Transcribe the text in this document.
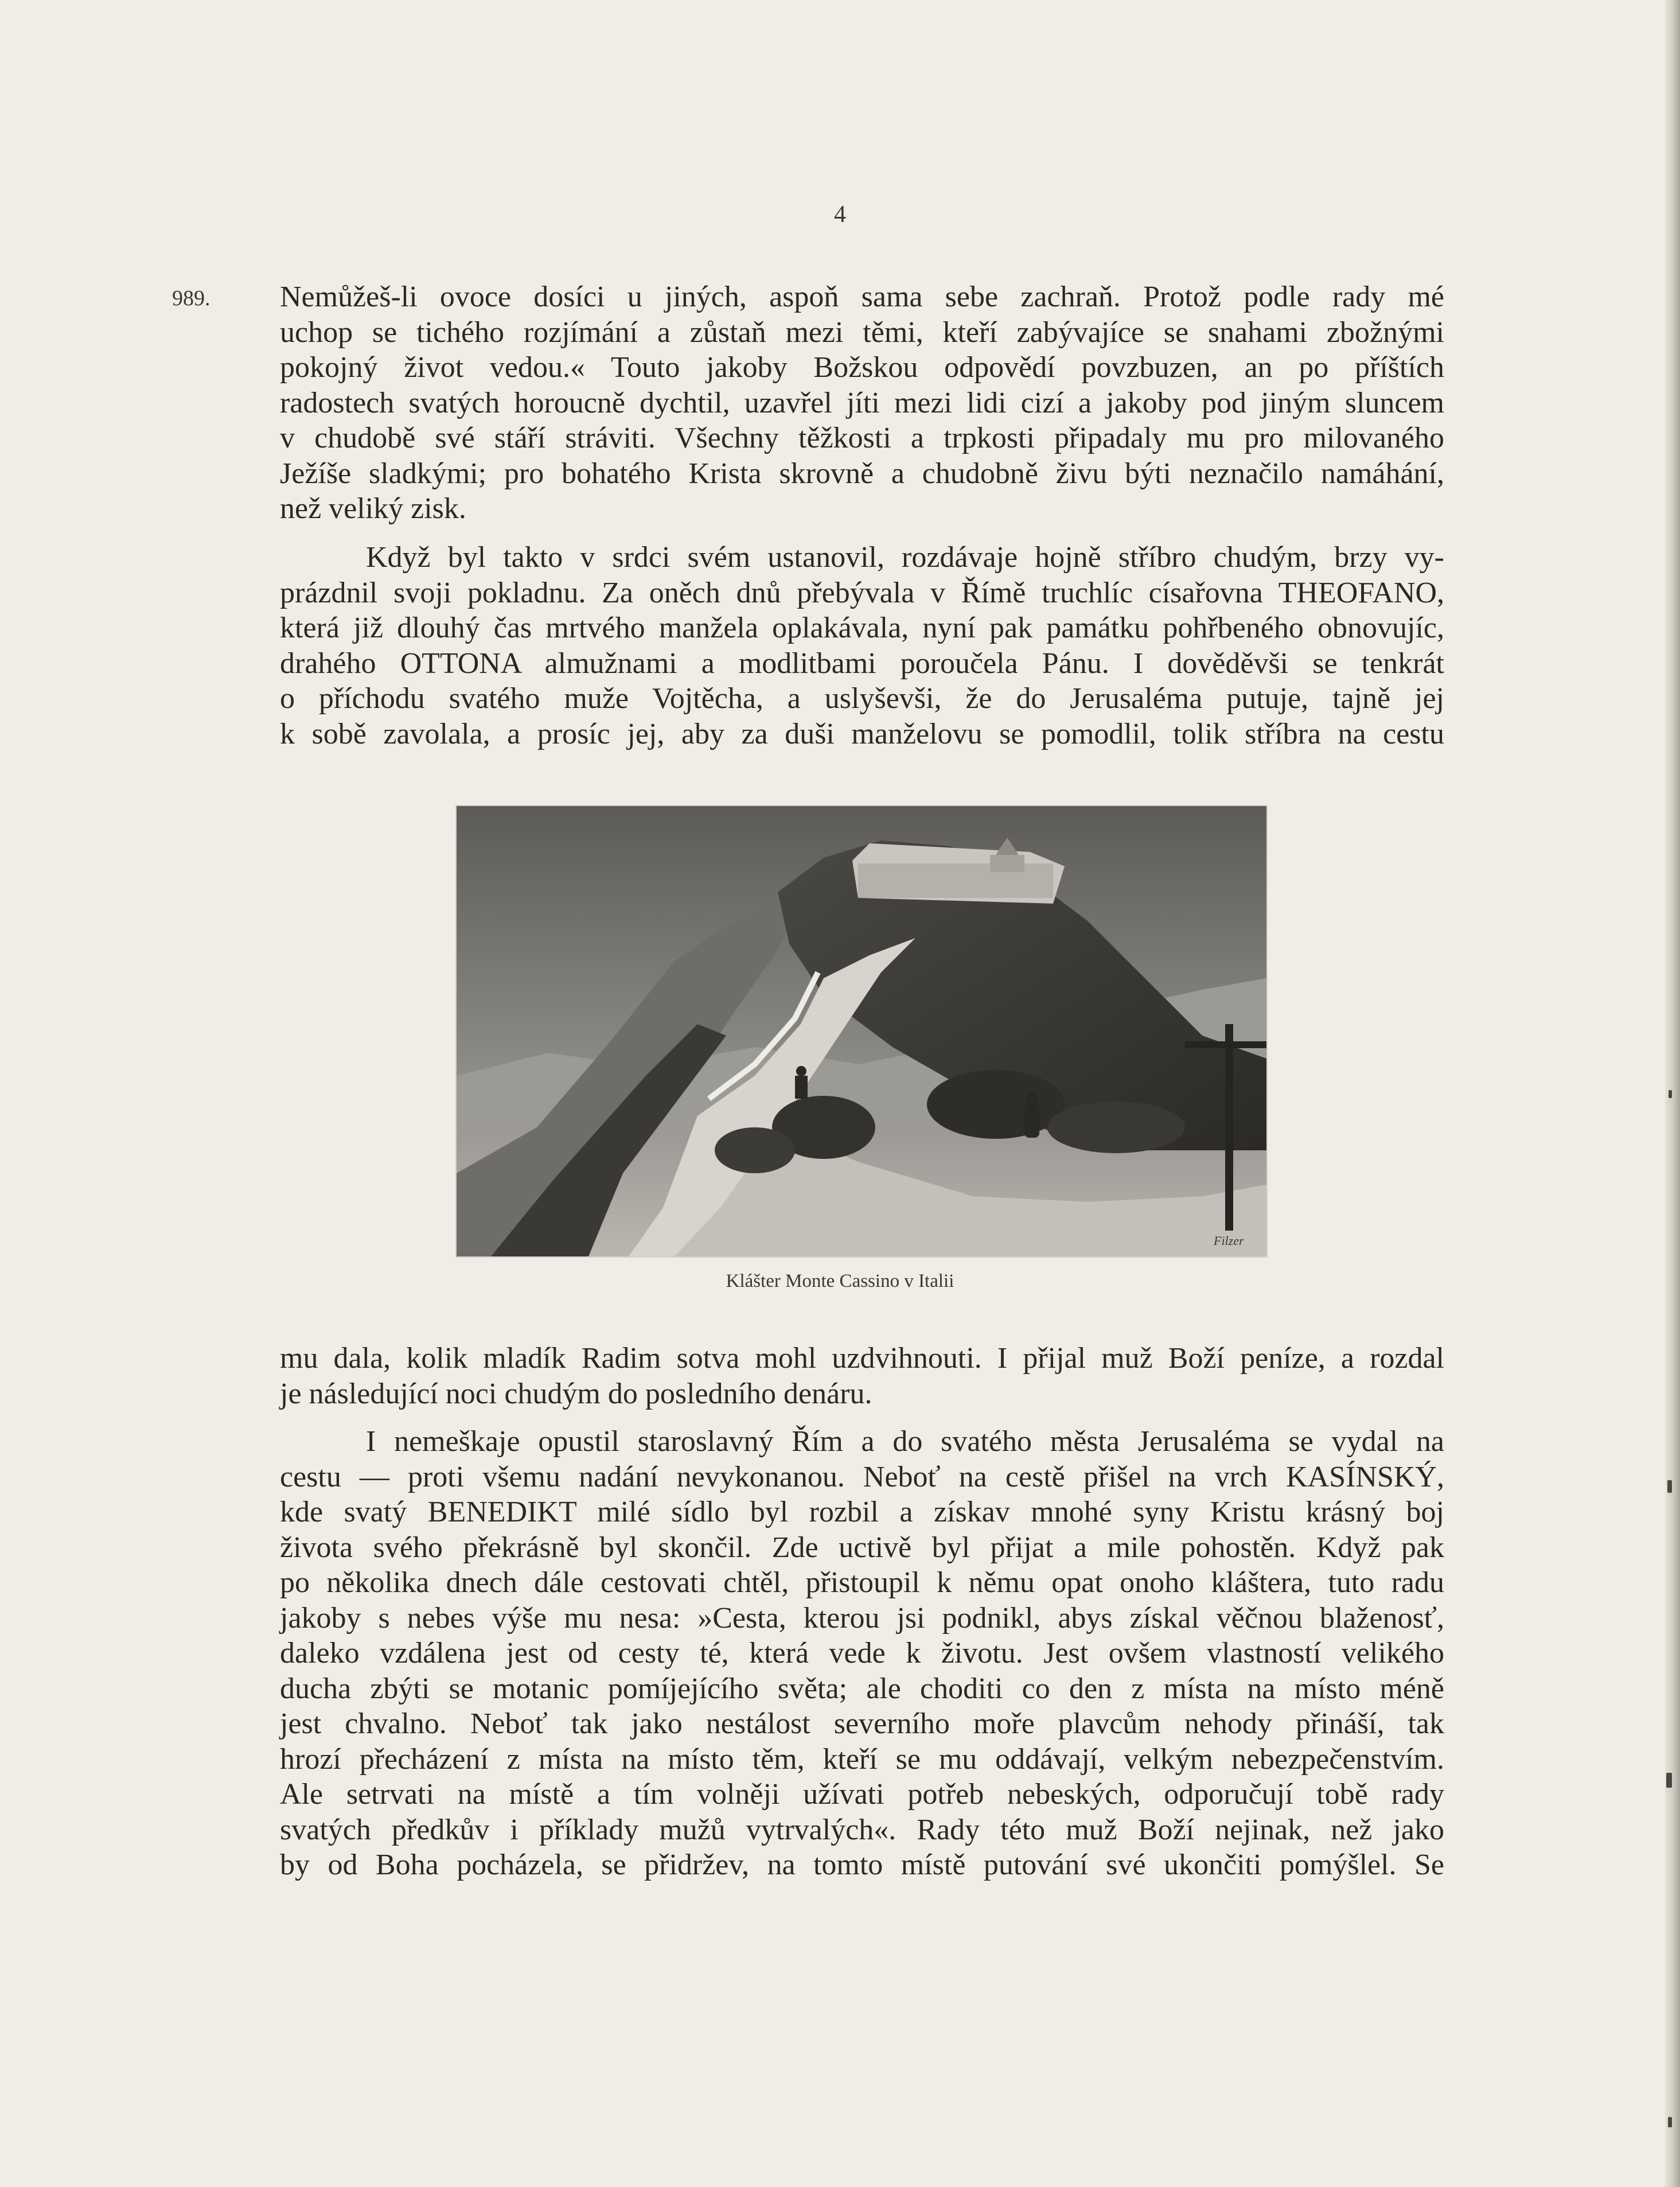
4
989. Nemůžeš-li ovoce dosíci u jiných, aspoň sama sebe zachraň. Protož podle rady mé
uchop se tichého rozjímání a zůstaň mezi těmi, kteří zabývajíce se snahami zbožnými
pokojný život vedou.« Touto jakoby Božskou odpovědí povzbuzen, an po příštích
radostech svatých horoucně dychtil, uzavřel jíti mezi lidi cizí a jakoby pod jiným sluncem
v chudobě své stáří stráviti. Všechny těžkosti a trpkosti připadaly mu pro milovaného
Ježíše sladkými; pro bohatého Krista skrovně a chudobně živu býti neznačilo namáhání,
než veliký zisk.
Když byl takto v srdci svém ustanovil, rozdávaje hojně stříbro chudým, brzy vy-
prázdnil svoji pokladnu. Za oněch dnů přebývala v Římě truchlíc císařovna THEOFANO,
která již dlouhý čas mrtvého manžela oplakávala, nyní pak památku pohřbeného obnovujíc,
drahého OTTONA almužnami a modlitbami poroučela Pánu. I dověděvši se tenkrát
o příchodu svatého muže Vojtěcha, a uslyševši, že do Jerusaléma putuje, tajně jej
k sobě zavolala, a prosíc jej, aby za duši manželovu se pomodlil, tolik stříbra na cestu
Filzer
Klášter Monte Cassino v Italii
mu dala, kolik mladík Radim sotva mohl uzdvihnouti. I přijal muž Boží peníze, a rozdal
je následující noci chudým do posledního denáru.
I nemeškaje opustil staroslavný Řím a do svatého města Jerusaléma se vydal na
cestu — proti všemu nadání nevykonanou. Neboť na cestě přišel na vrch KASÍNSKÝ,
kde svatý BENEDIKT milé sídlo byl rozbil a získav mnohé syny Kristu krásný boj
života svého překrásně byl skončil. Zde uctivě byl přijat a mile pohostěn. Když pak
po několika dnech dále cestovati chtěl, přistoupil k němu opat onoho kláštera, tuto radu
jakoby s nebes výše mu nesa: »Cesta, kterou jsi podnikl, abys získal věčnou blaženosť,
daleko vzdálena jest od cesty té, která vede k životu. Jest ovšem vlastností velikého
ducha zbýti se motanic pomíjejícího světa; ale choditi co den z místa na místo méně
jest chvalno. Neboť tak jako nestálost severního moře plavcům nehody přináší, tak
hrozí přecházení z místa na místo těm, kteří se mu oddávají, velkým nebezpečenstvím.
Ale setrvati na místě a tím volněji užívati potřeb nebeských, odporučují tobě rady
svatých předkův i příklady mužů vytrvalých«. Rady této muž Boží nejinak, než jako
by od Boha pocházela, se přidržev, na tomto místě putování své ukončiti pomýšlel. Se
